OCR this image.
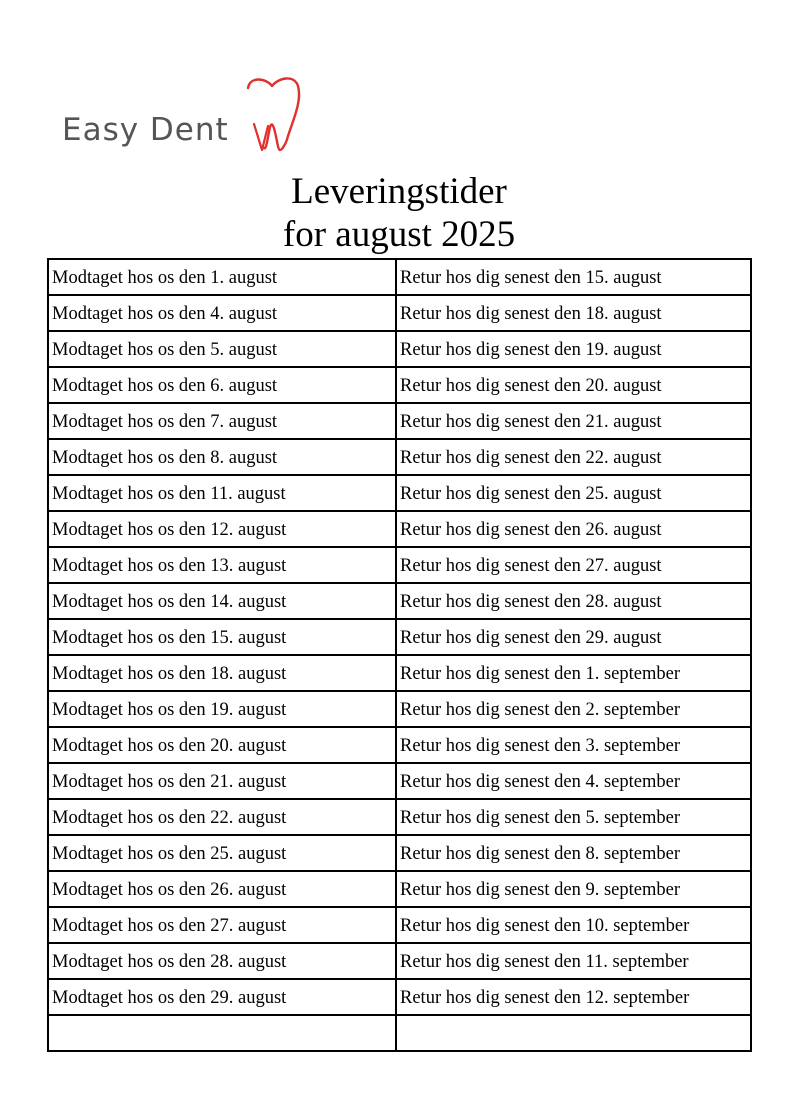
Easy Dent
Leveringstider
for august 2025
Modtaget hos os den 1. august	Retur hos dig senest den 15. august
Modtaget hos os den 4. august	Retur hos dig senest den 18. august
Modtaget hos os den 5. august	Retur hos dig senest den 19. august
Modtaget hos os den 6. august	Retur hos dig senest den 20. august
Modtaget hos os den 7. august	Retur hos dig senest den 21. august
Modtaget hos os den 8. august	Retur hos dig senest den 22. august
Modtaget hos os den 11. august	Retur hos dig senest den 25. august
Modtaget hos os den 12. august	Retur hos dig senest den 26. august
Modtaget hos os den 13. august	Retur hos dig senest den 27. august
Modtaget hos os den 14. august	Retur hos dig senest den 28. august
Modtaget hos os den 15. august	Retur hos dig senest den 29. august
Modtaget hos os den 18. august	Retur hos dig senest den 1. september
Modtaget hos os den 19. august	Retur hos dig senest den 2. september
Modtaget hos os den 20. august	Retur hos dig senest den 3. september
Modtaget hos os den 21. august	Retur hos dig senest den 4. september
Modtaget hos os den 22. august	Retur hos dig senest den 5. september
Modtaget hos os den 25. august	Retur hos dig senest den 8. september
Modtaget hos os den 26. august	Retur hos dig senest den 9. september
Modtaget hos os den 27. august	Retur hos dig senest den 10. september
Modtaget hos os den 28. august	Retur hos dig senest den 11. september
Modtaget hos os den 29. august	Retur hos dig senest den 12. september
